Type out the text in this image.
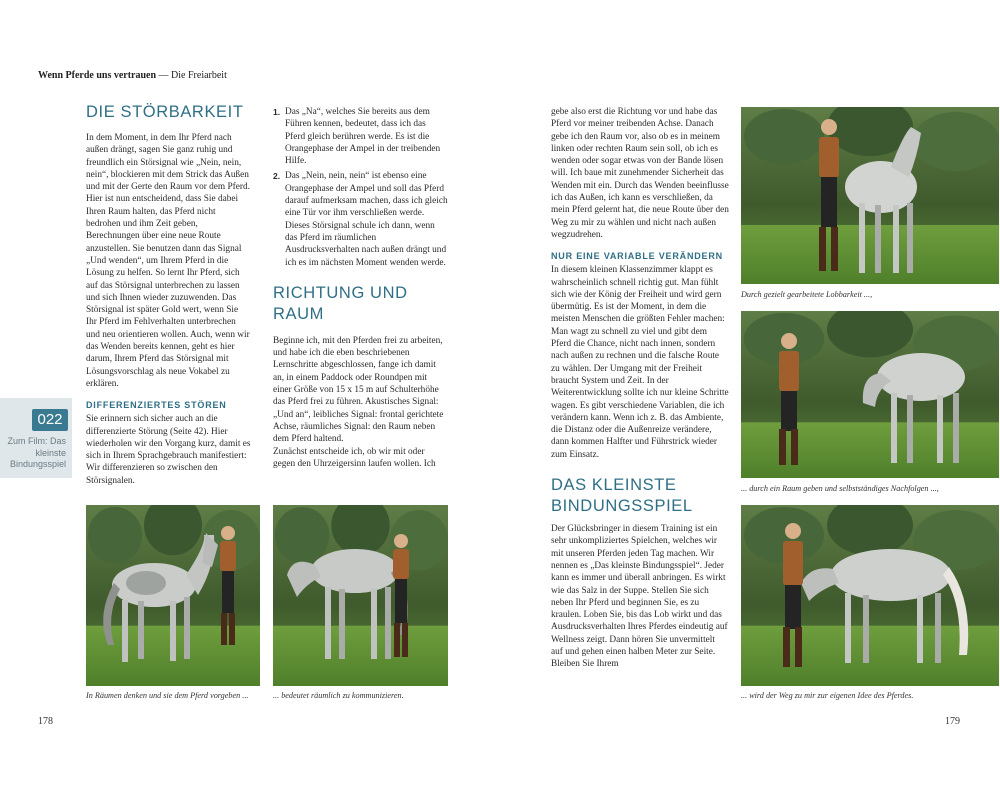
Wenn Pferde uns vertrauen — Die Freiarbeit
DIE STÖRBARKEIT

In dem Moment, in dem Ihr Pferd nach außen drängt, sagen Sie ganz ruhig und freundlich ein Störsignal wie „Nein, nein, nein“, blockieren mit dem Strick das Außen und mit der Gerte den Raum vor dem Pferd. Hier ist nun entscheidend, dass Sie dabei Ihren Raum halten, das Pferd nicht bedrohen und ihm Zeit geben, Berechnungen über eine neue Route anzustellen. Sie benutzen dann das Signal „Und wenden“, um Ihrem Pferd in die Lösung zu helfen. So lernt Ihr Pferd, sich auf das Störsignal unterbrechen zu lassen und sich Ihnen wieder zuzuwenden. Das Störsignal ist später Gold wert, wenn Sie Ihr Pferd im Fehlverhalten unterbrechen und neu orientieren wollen. Auch, wenn wir das Wenden bereits kennen, geht es hier darum, Ihrem Pferd das Störsignal mit Lösungsvorschlag als neue Vokabel zu erklären.

DIFFERENZIERTES STÖREN

Sie erinnern sich sicher auch an die differenzierte Störung (Seite 42). Hier wiederholen wir den Vorgang kurz, damit es sich in Ihrem Sprachgebrauch manifestiert: Wir differenzieren so zwischen den Störsignalen.

1. Das „Na“, welches Sie bereits aus dem Führen kennen, bedeutet, dass ich das Pferd gleich berühren werde. Es ist die Orangephase der Ampel in der treibenden Hilfe.

2. Das „Nein, nein, nein“ ist ebenso eine Orangephase der Ampel und soll das Pferd darauf aufmerksam machen, dass ich gleich eine Tür vor ihm verschließen werde. Dieses Störsignal schule ich dann, wenn das Pferd im räumlichen Ausdrucksverhalten nach außen drängt und ich es im nächsten Moment wenden werde.

RICHTUNG UND RAUM

Beginne ich, mit den Pferden frei zu arbeiten, und habe ich die eben beschriebenen Lernschritte abgeschlossen, fange ich damit an, in einem Paddock oder Roundpen mit einer Größe von 15 x 15 m auf Schulterhöhe das Pferd frei zu führen. Akustisches Signal: „Und an“, leibliches Signal: frontal gerichtete Achse, räumliches Signal: den Raum neben dem Pferd haltend.

Zunächst entscheide ich, ob wir mit oder gegen den Uhrzeigersinn laufen wollen. Ich

022
Zum Film: Das kleinste Bindungsspiel
In Räumen denken und sie dem Pferd vorgeben ...	... bedeutet räumlich zu kommunizieren.
178

gebe also erst die Richtung vor und habe das Pferd vor meiner treibenden Achse. Danach gebe ich den Raum vor, also ob es in meinem linken oder rechten Raum sein soll, ob ich es wenden oder sogar etwas von der Bande lösen will. Ich baue mit zunehmender Sicherheit das Wenden mit ein. Durch das Wenden beeinflusse ich das Außen, ich kann es verschließen, da mein Pferd gelernt hat, die neue Route über den Weg zu mir zu wählen und nicht nach außen wegzudrehen.

NUR EINE VARIABLE VERÄNDERN

In diesem kleinen Klassenzimmer klappt es wahrscheinlich schnell richtig gut. Man fühlt sich wie der König der Freiheit und wird gern übermütig. Es ist der Moment, in dem die meisten Menschen die größten Fehler machen: Man wagt zu schnell zu viel und gibt dem Pferd die Chance, nicht nach innen, sondern nach außen zu rechnen und die falsche Route zu wählen. Der Umgang mit der Freiheit braucht System und Zeit. In der Weiterentwicklung sollte ich nur kleine Schritte wagen. Es gibt verschiedene Variablen, die ich verändern kann. Wenn ich z. B. das Ambiente, die Distanz oder die Außenreize verändere, dann kommen Halfter und Führstrick wieder zum Einsatz.

DAS KLEINSTE BINDUNGSSPIEL

Der Glücksbringer in diesem Training ist ein sehr unkompliziertes Spielchen, welches wir mit unseren Pferden jeden Tag machen. Wir nennen es „Das kleinste Bindungsspiel“. Jeder kann es immer und überall anbringen. Es wirkt wie das Salz in der Suppe. Stellen Sie sich neben Ihr Pferd und beginnen Sie, es zu kraulen. Loben Sie, bis das Lob wirkt und das Ausdrucksverhalten Ihres Pferdes eindeutig auf Wellness zeigt. Dann hören Sie unvermittelt auf und gehen einen halben Meter zur Seite. Bleiben Sie Ihrem

Durch gezielt gearbeitete Lobbarkeit ...,
... durch ein Raum geben und selbstständiges Nachfolgen ...,
... wird der Weg zu mir zur eigenen Idee des Pferdes.
179
